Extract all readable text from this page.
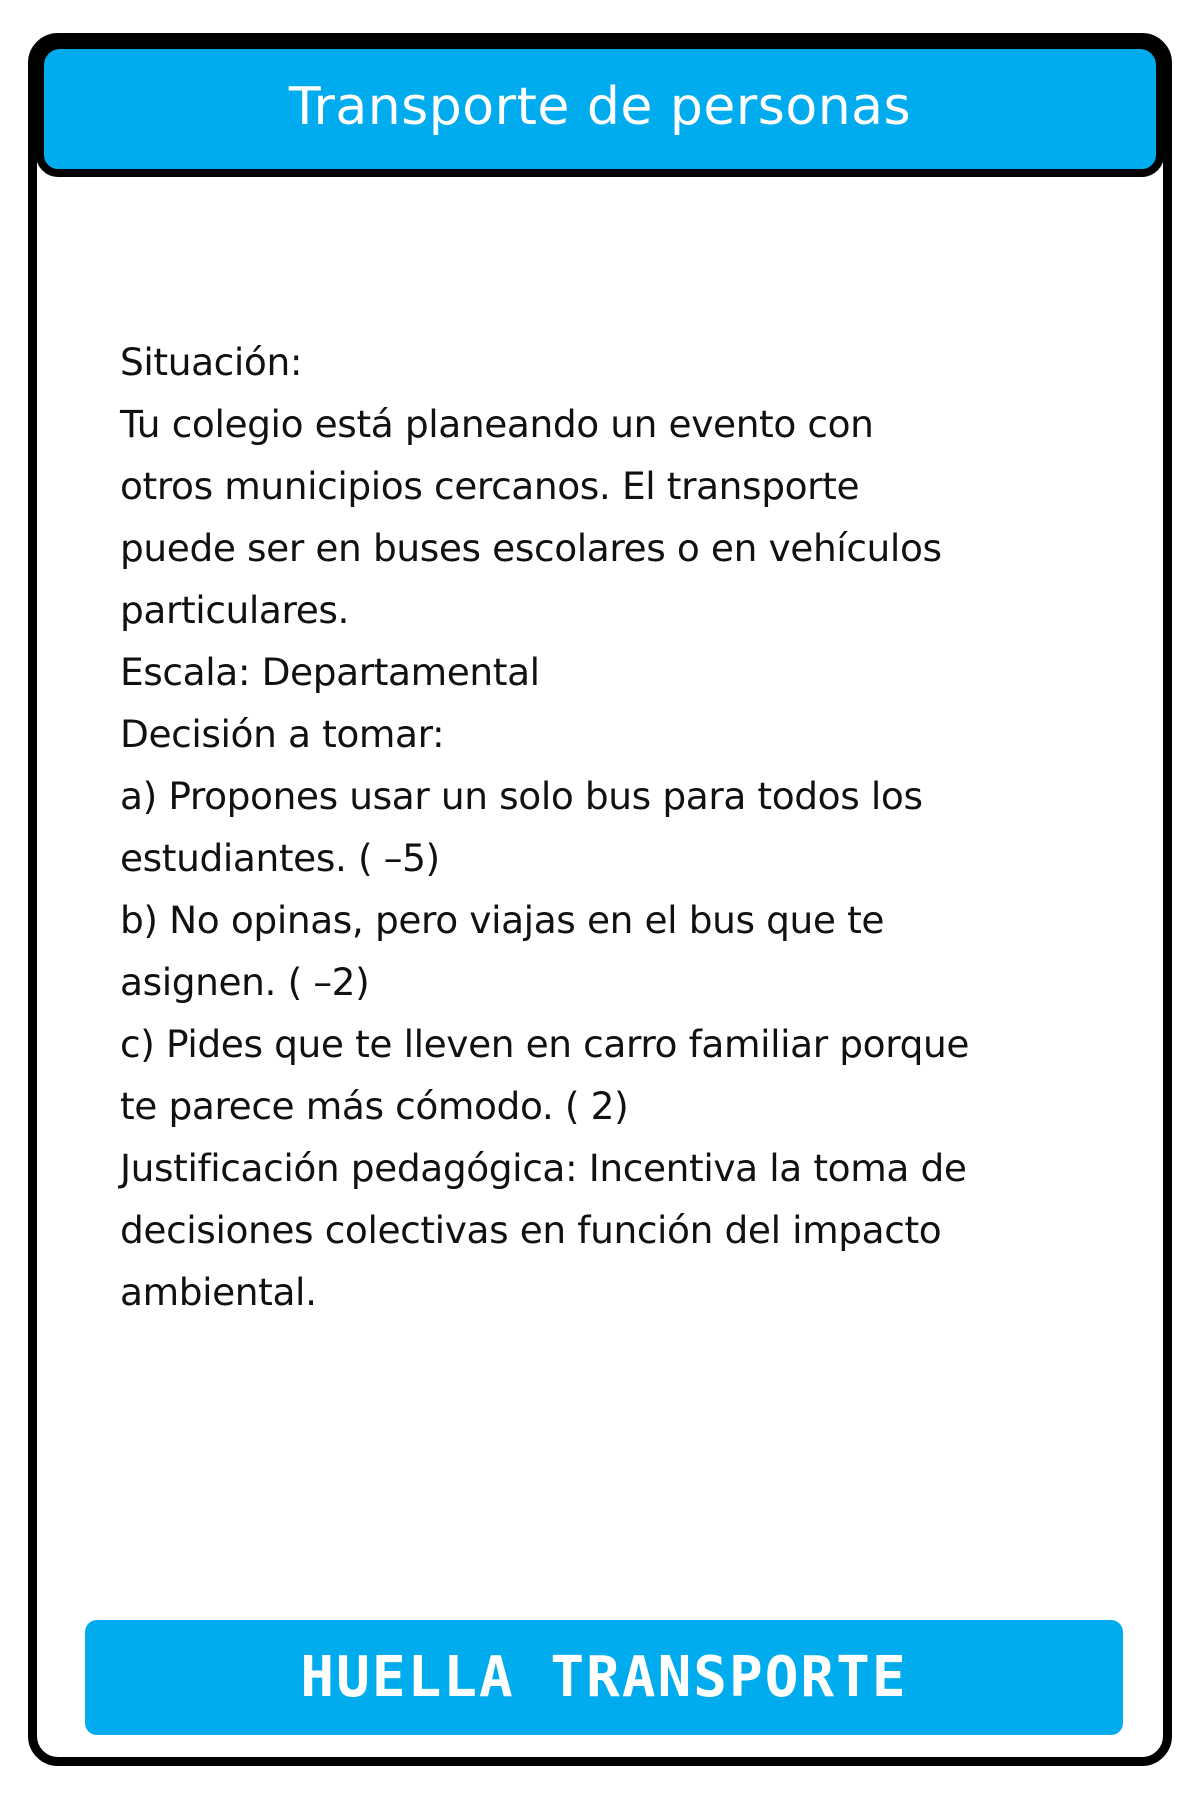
Transporte de personas
Situación:
Tu colegio está planeando un evento con
otros municipios cercanos. El transporte
puede ser en buses escolares o en vehículos
particulares.
Escala: Departamental
Decisión a tomar:
a) Propones usar un solo bus para todos los
estudiantes. ( –5)
b) No opinas, pero viajas en el bus que te
asignen. ( –2)
c) Pides que te lleven en carro familiar porque
te parece más cómodo. ( 2)
Justificación pedagógica: Incentiva la toma de
decisiones colectivas en función del impacto
ambiental.
HUELLA TRANSPORTE
